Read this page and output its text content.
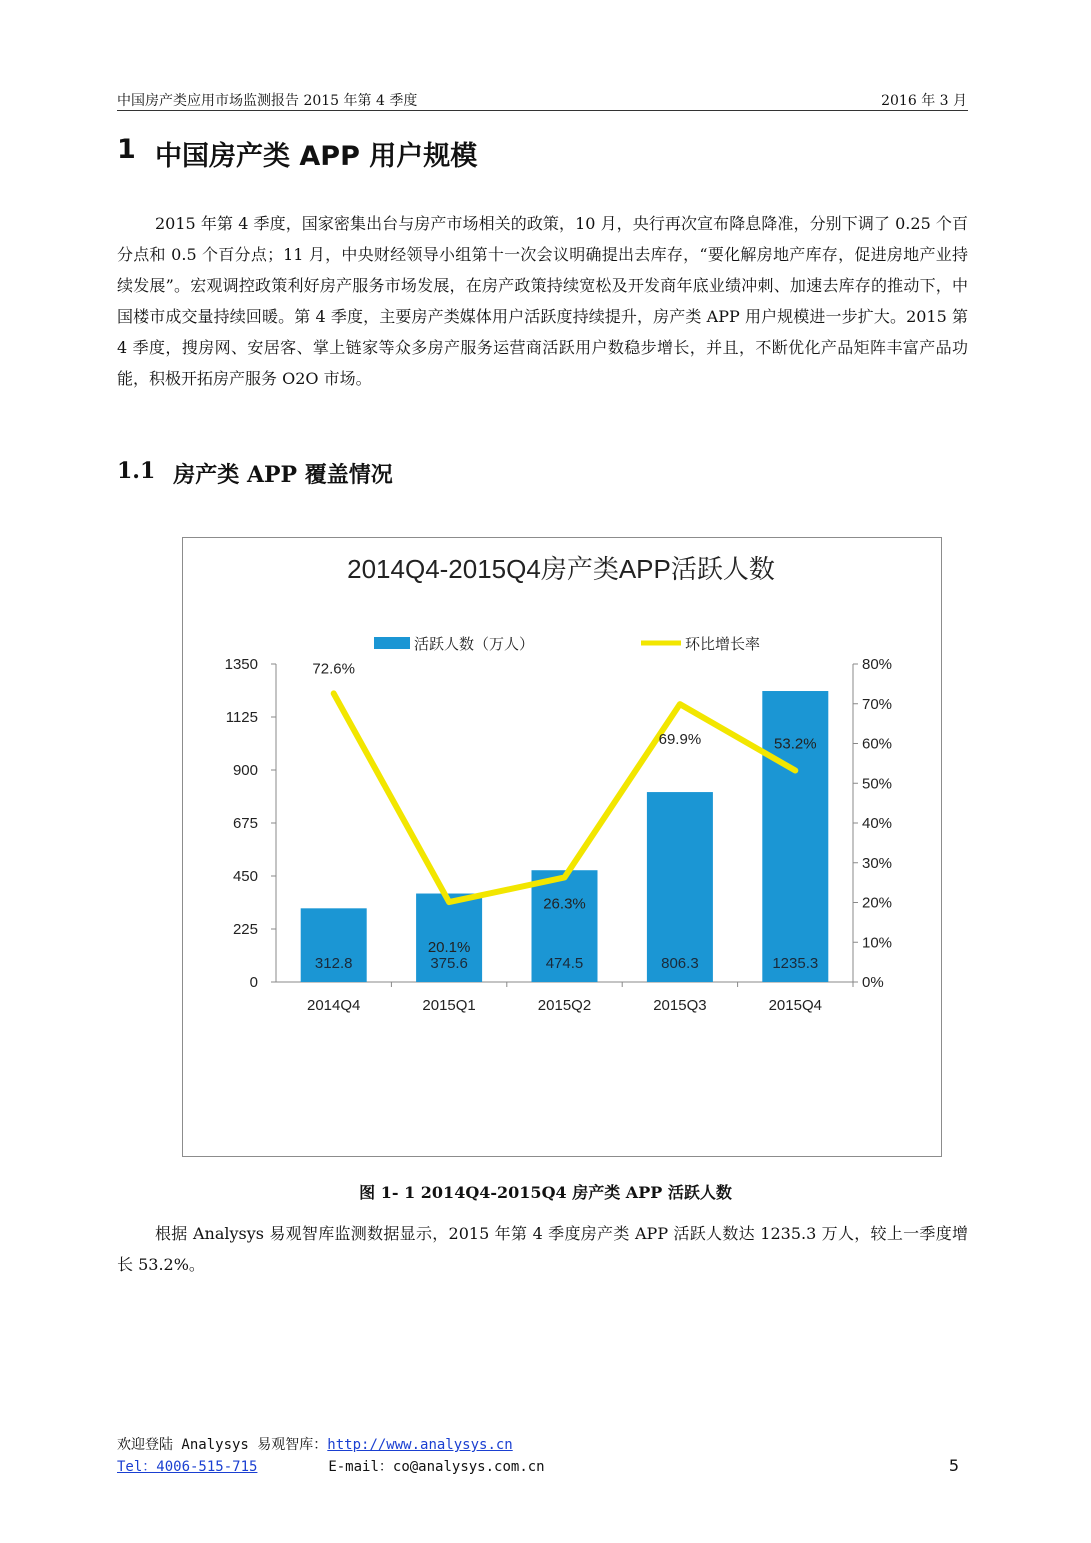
中国房产类应用市场监测报告 2015 年第 4 季度	2016 年 3 月
1 中国房产类 APP 用户规模
2015 年第 4 季度，国家密集出台与房产市场相关的政策，10 月，央行再次宣布降息降准，分别下调了 0.25 个百分点和 0.5 个百分点；11 月，中央财经领导小组第十一次会议明确提出去库存，“要化解房地产库存，促进房地产业持续发展”。宏观调控政策利好房产服务市场发展，在房产政策持续宽松及开发商年底业绩冲刺、加速去库存的推动下，中国楼市成交量持续回暖。第 4 季度，主要房产类媒体用户活跃度持续提升，房产类 APP 用户规模进一步扩大。2015 第 4 季度，搜房网、安居客、掌上链家等众多房产服务运营商活跃用户数稳步增长，并且，不断优化产品矩阵丰富产品功能，积极开拓房产服务 O2O 市场。
1.1 房产类 APP 覆盖情况
2014Q4-2015Q4房产类APP活跃人数
活跃人数（万人）	环比增长率
0
225
450
675
900
1125
1350
0%
10%
20%
30%
40%
50%
60%
70%
80%
312.8
2014Q4
375.6
2015Q1
474.5
2015Q2
806.3
2015Q3
1235.3
2015Q4
72.6%
20.1%
26.3%
69.9%	53.2%
图 1- 1 2014Q4-2015Q4 房产类 APP 活跃人数
根据 Analysys 易观智库监测数据显示，2015 年第 4 季度房产类 APP 活跃人数达 1235.3 万人，较上一季度增长 53.2%。
欢迎登陆 Analysys 易观智库：http://www.analysys.cn
Tel：4006-515-715	E-mail：co@analysys.com.cn	5
